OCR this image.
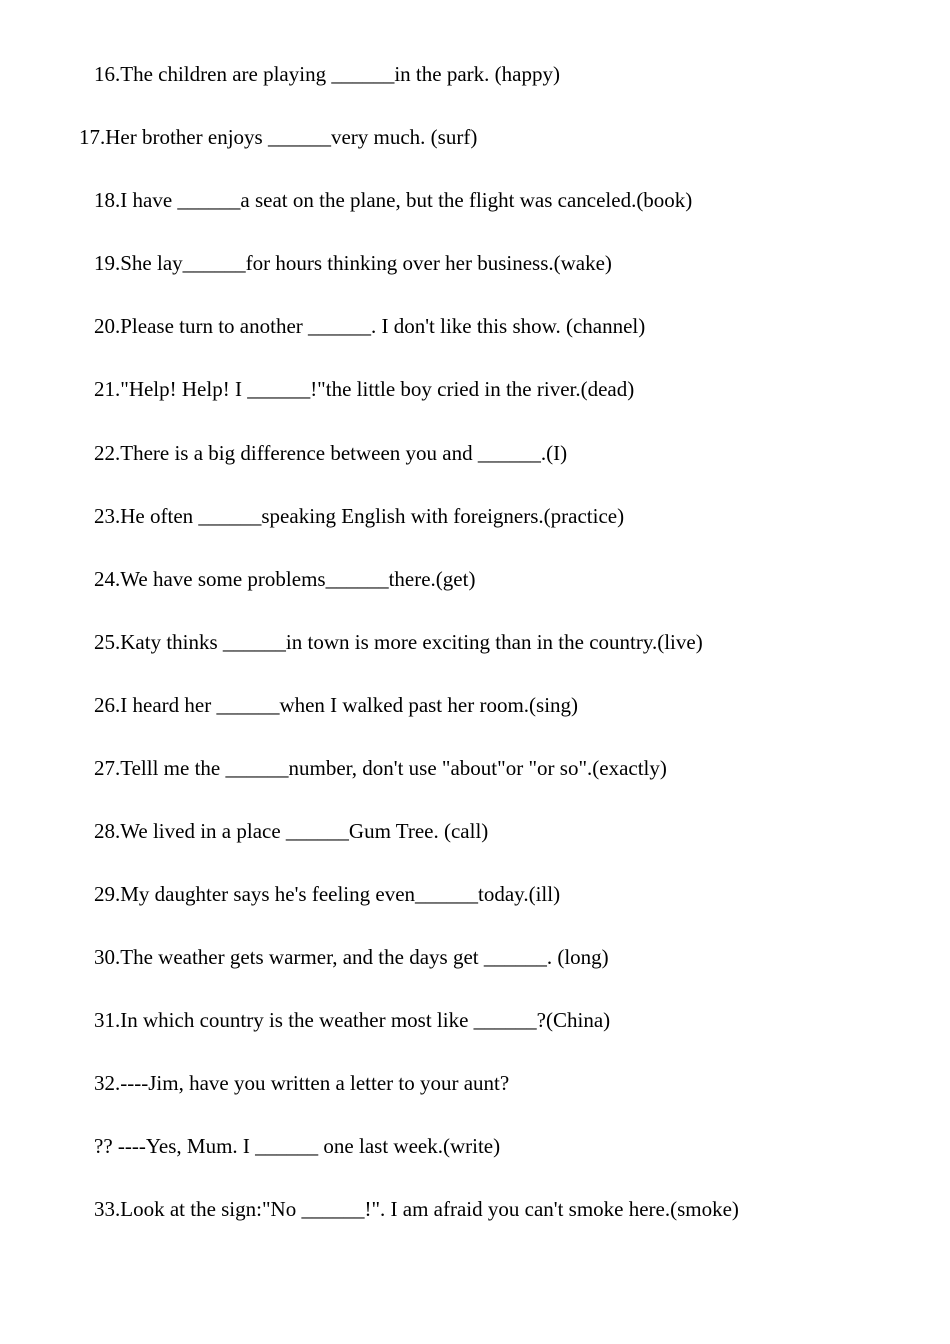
16.The children are playing ______in the park. (happy)
17.Her brother enjoys ______very much. (surf)
18.I have ______a seat on the plane, but the flight was canceled.(book)
19.She lay______for hours thinking over her business.(wake)
20.Please turn to another ______. I don't like this show. (channel)
21."Help! Help! I ______!"the little boy cried in the river.(dead)
22.There is a big difference between you and ______.(I)
23.He often ______speaking English with foreigners.(practice)
24.We have some problems______there.(get)
25.Katy thinks ______in town is more exciting than in the country.(live)
26.I heard her ______when I walked past her room.(sing)
27.Telll me the ______number, don't use "about"or "or so".(exactly)
28.We lived in a place ______Gum Tree. (call)
29.My daughter says he's feeling even______today.(ill)
30.The weather gets warmer, and the days get ______. (long)
31.In which country is the weather most like ______?(China)
32.----Jim, have you written a letter to your aunt?
?? ----Yes, Mum. I ______ one last week.(write)
33.Look at the sign:"No ______!". I am afraid you can't smoke here.(smoke)
